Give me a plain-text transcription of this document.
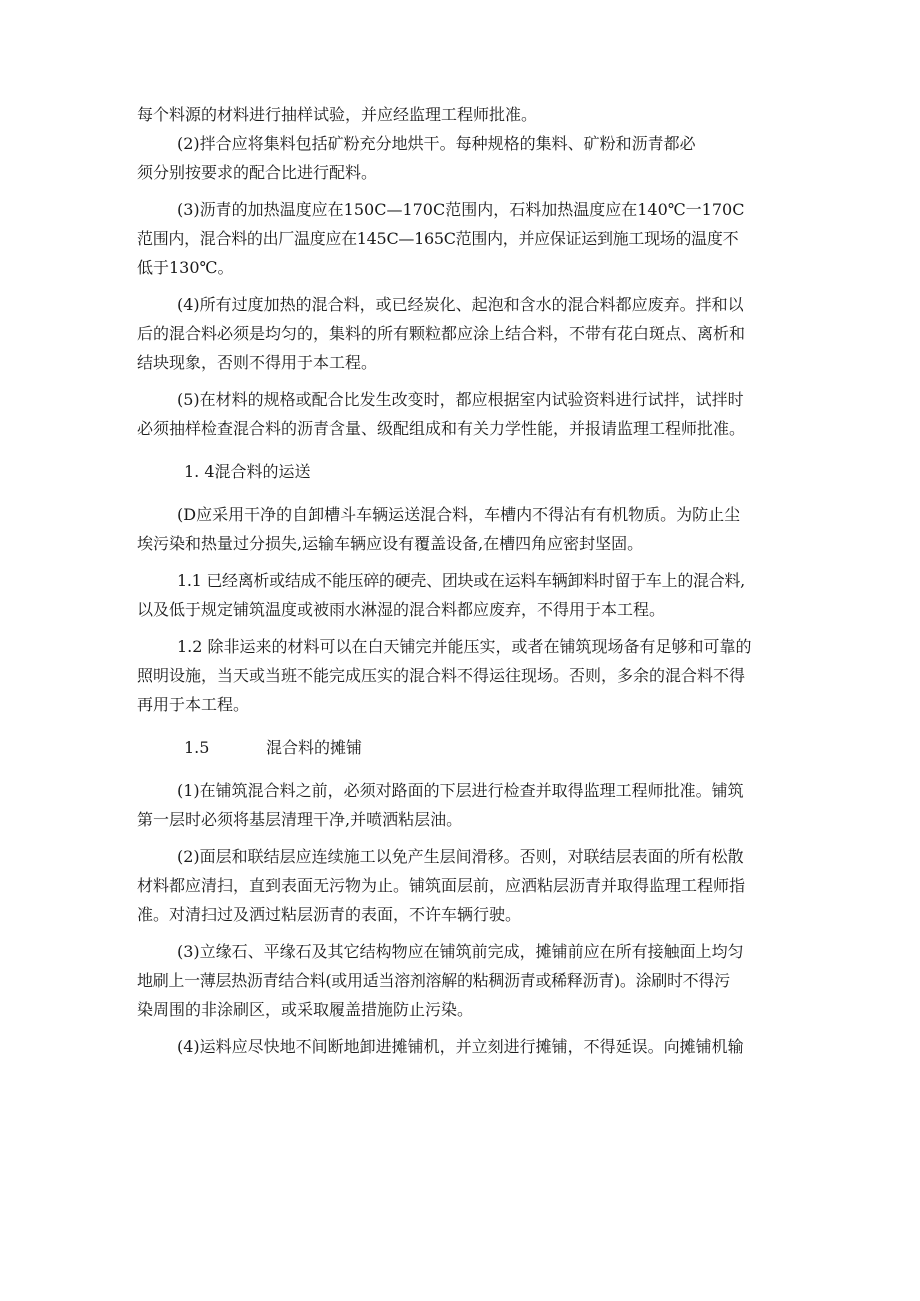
每个料源的材料进行抽样试验，并应经监理工程师批准。
(2)拌合应将集料包括矿粉充分地烘干。每种规格的集料、矿粉和沥青都必
须分别按要求的配合比进行配料。
(3)沥青的加热温度应在150C—170C范围内，石料加热温度应在140℃一170C
范围内，混合料的出厂温度应在145C—165C范围内，并应保证运到施工现场的温度不
低于130℃。
(4)所有过度加热的混合料，或已经炭化、起泡和含水的混合料都应废弃。拌和以
后的混合料必须是均匀的，集料的所有颗粒都应涂上结合料，不带有花白斑点、离析和
结块现象，否则不得用于本工程。
(5)在材料的规格或配合比发生改变时，都应根据室内试验资料进行试拌，试拌时
必须抽样检查混合料的沥青含量、级配组成和有关力学性能，并报请监理工程师批准。
1. 4混合料的运送
(D应采用干净的自卸槽斗车辆运送混合料，车槽内不得沾有有机物质。为防止尘
埃污染和热量过分损失,运输车辆应设有覆盖设备,在槽四角应密封坚固。
1.1 已经离析或结成不能压碎的硬壳、团块或在运料车辆卸料时留于车上的混合料,
以及低于规定铺筑温度或被雨水淋湿的混合料都应废弃，不得用于本工程。
1.2 除非运来的材料可以在白天铺完并能压实，或者在铺筑现场备有足够和可靠的
照明设施，当天或当班不能完成压实的混合料不得运往现场。否则，多余的混合料不得
再用于本工程。
1.5	混合料的摊铺
(1)在铺筑混合料之前，必须对路面的下层进行检查并取得监理工程师批准。铺筑
第一层时必须将基层清理干净,并喷洒粘层油。
(2)面层和联结层应连续施工以免产生层间滑移。否则，对联结层表面的所有松散
材料都应清扫，直到表面无污物为止。铺筑面层前，应洒粘层沥青并取得监理工程师指
准。对清扫过及洒过粘层沥青的表面，不许车辆行驶。
(3)立缘石、平缘石及其它结构物应在铺筑前完成，摊铺前应在所有接触面上均匀
地刷上一薄层热沥青结合料(或用适当溶剂溶解的粘稠沥青或稀释沥青)。涂刷时不得污
染周围的非涂刷区，或采取履盖措施防止污染。
(4)运料应尽快地不间断地卸进摊铺机，并立刻进行摊铺，不得延误。向摊铺机输
